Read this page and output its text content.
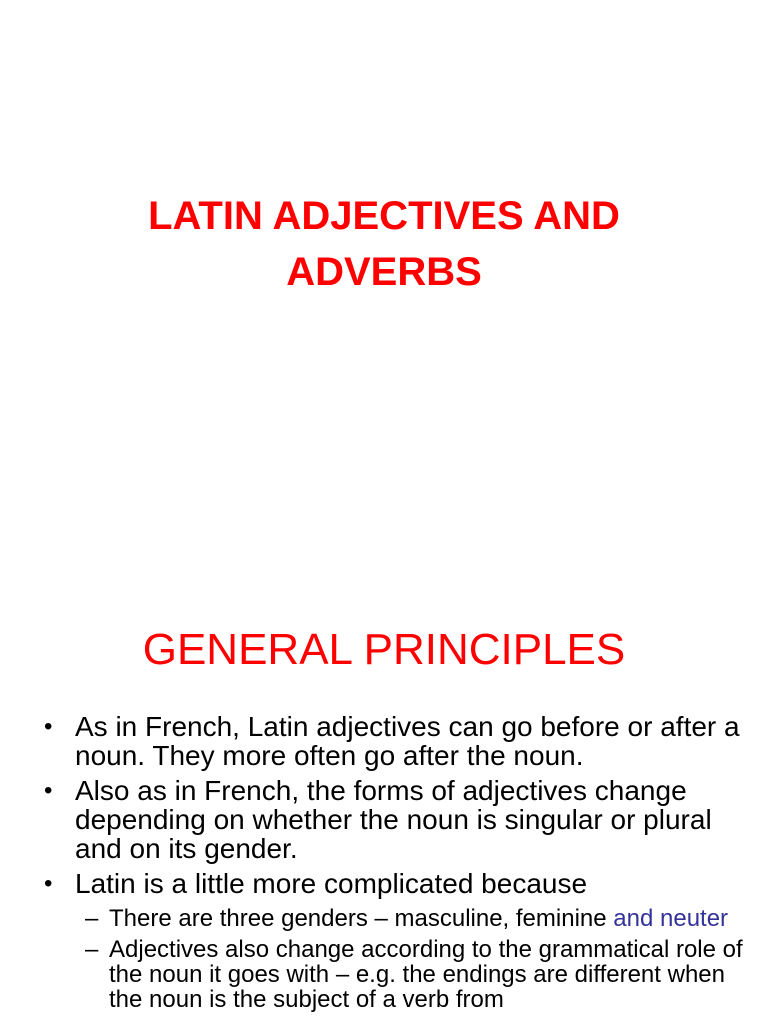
LATIN ADJECTIVES AND
ADVERBS
GENERAL PRINCIPLES
• As in French, Latin adjectives can go before or after a noun. They more often go after the noun.
• Also as in French, the forms of adjectives change depending on whether the noun is singular or plural and on its gender.
• Latin is a little more complicated because
– There are three genders – masculine, feminine and neuter
– Adjectives also change according to the grammatical role of the noun it goes with – e.g. the endings are different when the noun is the subject of a verb from
